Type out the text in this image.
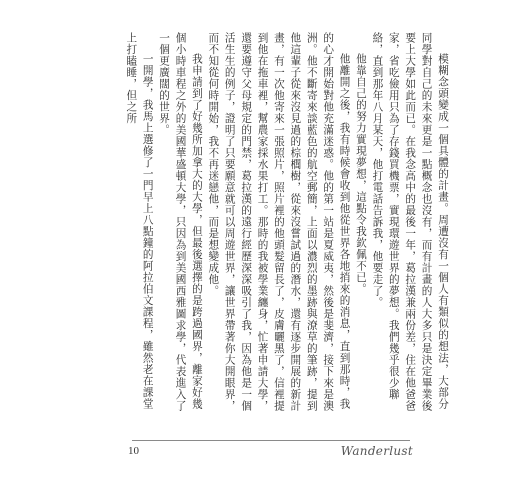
模糊念頭變成一個具體的計畫。周遭沒有一個人有類似的想法，大部分同學對自己的未來更是一點概念也沒有，而有計畫的人大多只是決定畢業後要上大學如此而已。在我念高中的最後一年，葛拉漢兼兩份差，住在他爸爸家，省吃儉用只為了存錢買機票，實現環遊世界的夢想。我們幾乎很少聯絡，直到那年八月某天，他打電話告訴我，他要走了。

他靠自己的努力實現夢想，這點令我欽佩不已。

他離開之後，我有時候會收到他從世界各地捎來的消息，直到那時，我的心才開始對他充滿迷惑。他的第一站是夏威夷，然後是斐濟，接下來是澳洲。他不斷寄來談藍色的航空郵簡，上面以濃烈的墨跡與潦草的筆跡，提到他這輩子從來沒見過的棕櫚樹，從來沒嘗試過的潛水，還有逐步開展的新計畫，有一次他寄來一張照片，照片裡的他頭髮留長了，皮膚曬黑了，信裡提到他在拖車裡，幫農家採水果打工。那時的我被學業纏身，忙著申請大學，還要遵守父母規定的門禁，葛拉漢的遠行經歷深深吸引了我，因為他是一個活生生的例子，證明了只要願意就可以周遊世界，讓世界帶著你大開眼界，而不知從何時開始，我不再迷戀他，而是想變成他。

我申請到了好幾所加拿大的大學，但最後選擇的是跨過國界，離家好幾個小時車程之外的美國華盛頓大學，只因為到美國西雅圖求學，代表進入了一個更廣闊的世界。

一開學，我馬上選修了一門早上八點鐘的阿拉伯文課程，雖然老在課堂上打瞌睡，但之所

10	Wanderlust
